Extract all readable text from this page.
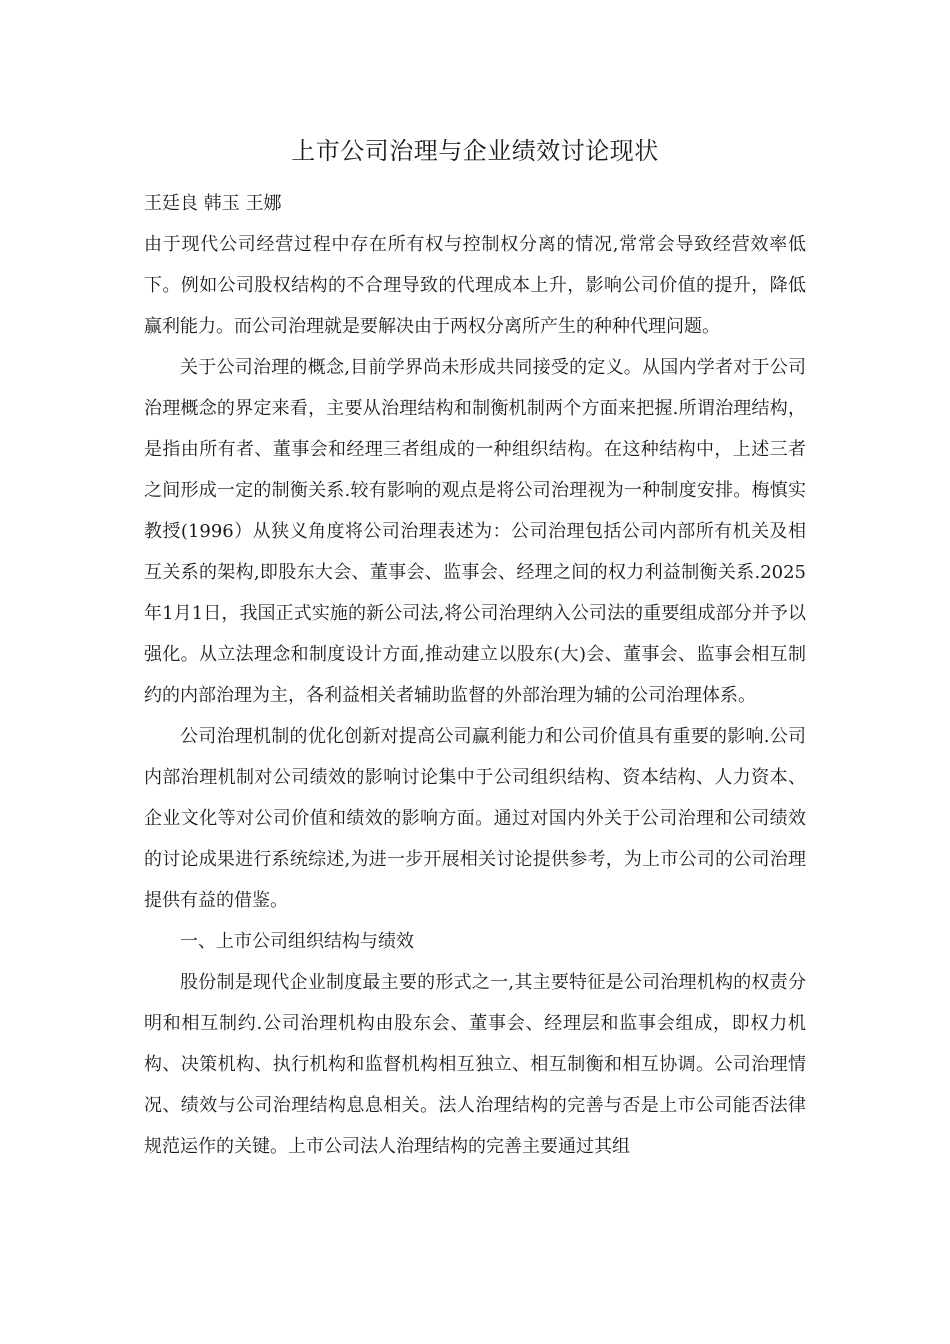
上市公司治理与企业绩效讨论现状

王廷良 韩玉 王娜

由于现代公司经营过程中存在所有权与控制权分离的情况,常常会导致经营效率低下。例如公司股权结构的不合理导致的代理成本上升，影响公司价值的提升，降低赢利能力。而公司治理就是要解决由于两权分离所产生的种种代理问题。

关于公司治理的概念,目前学界尚未形成共同接受的定义。从国内学者对于公司治理概念的界定来看，主要从治理结构和制衡机制两个方面来把握.所谓治理结构，是指由所有者、董事会和经理三者组成的一种组织结构。在这种结构中，上述三者之间形成一定的制衡关系.较有影响的观点是将公司治理视为一种制度安排。梅慎实教授(1996）从狭义角度将公司治理表述为：公司治理包括公司内部所有机关及相互关系的架构,即股东大会、董事会、监事会、经理之间的权力利益制衡关系.2025年1月1日，我国正式实施的新公司法,将公司治理纳入公司法的重要组成部分并予以强化。从立法理念和制度设计方面,推动建立以股东(大)会、董事会、监事会相互制约的内部治理为主，各利益相关者辅助监督的外部治理为辅的公司治理体系。

公司治理机制的优化创新对提高公司赢利能力和公司价值具有重要的影响.公司内部治理机制对公司绩效的影响讨论集中于公司组织结构、资本结构、人力资本、企业文化等对公司价值和绩效的影响方面。通过对国内外关于公司治理和公司绩效的讨论成果进行系统综述,为进一步开展相关讨论提供参考，为上市公司的公司治理提供有益的借鉴。

一、上市公司组织结构与绩效

股份制是现代企业制度最主要的形式之一,其主要特征是公司治理机构的权责分明和相互制约.公司治理机构由股东会、董事会、经理层和监事会组成，即权力机构、决策机构、执行机构和监督机构相互独立、相互制衡和相互协调。公司治理情况、绩效与公司治理结构息息相关。法人治理结构的完善与否是上市公司能否法律规范运作的关键。上市公司法人治理结构的完善主要通过其组
